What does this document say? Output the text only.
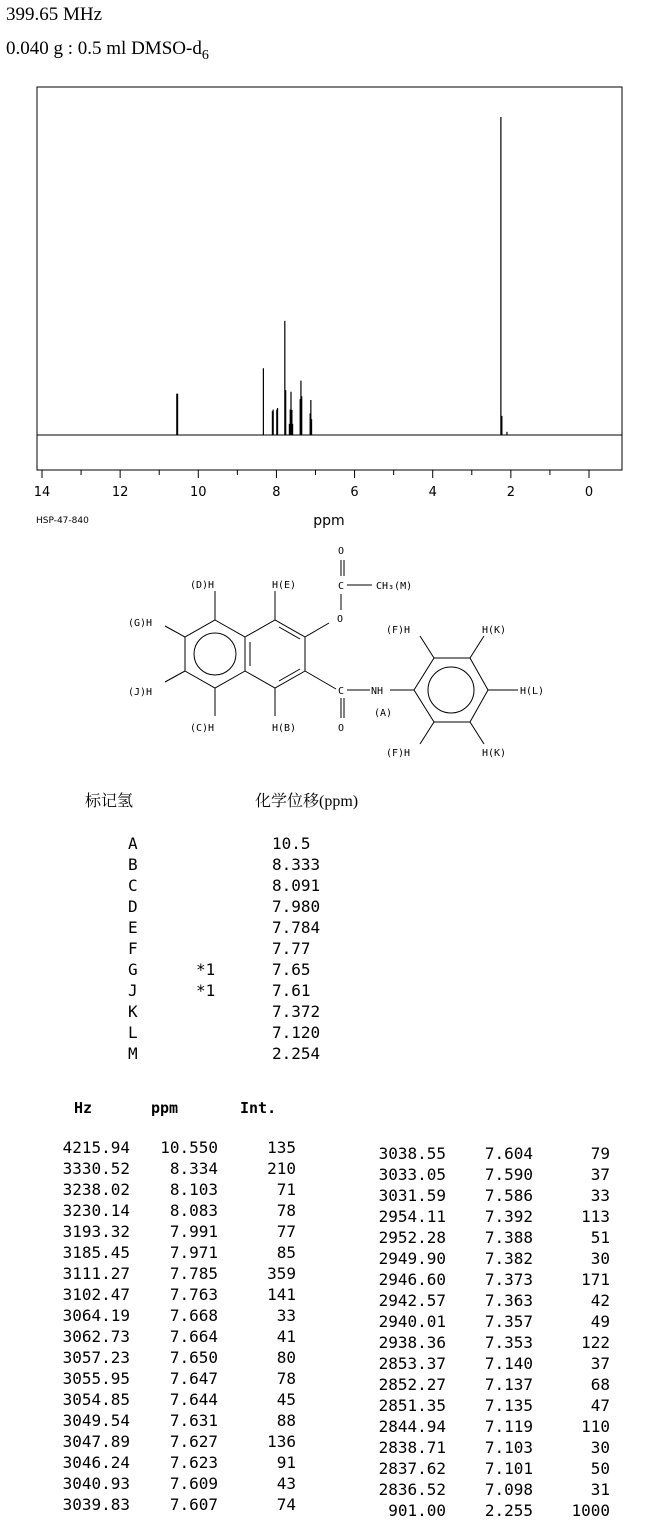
399.65 MHz
0.040 g : 0.5 ml DMSO-$d_6$
14	12	10	8	6	4	2	0
ppm
HSP-47-840
(D)H	H(E)
(G)H
(J)H
(C)H	H(B)
O
C	CH₃(M)
O
C
O
NH
(A)
(F)H	H(K)
H(L)
(F)H	H(K)
标记氢	化学位移(ppm)
A	10.5
B	8.333
C	8.091
D	7.980
E	7.784
F	7.77
G	*1	7.65
J	*1	7.61
K	7.372
L	7.120
M	2.254
Hz	ppm	Int.
4215.94	10.550	135
3330.52	8.334	210
3238.02	8.103	71
3230.14	8.083	78
3193.32	7.991	77
3185.45	7.971	85
3111.27	7.785	359
3102.47	7.763	141
3064.19	7.668	33
3062.73	7.664	41
3057.23	7.650	80
3055.95	7.647	78
3054.85	7.644	45
3049.54	7.631	88
3047.89	7.627	136
3046.24	7.623	91
3040.93	7.609	43
3039.83	7.607	74
3038.55	7.604	79
3033.05	7.590	37
3031.59	7.586	33
2954.11	7.392	113
2952.28	7.388	51
2949.90	7.382	30
2946.60	7.373	171
2942.57	7.363	42
2940.01	7.357	49
2938.36	7.353	122
2853.37	7.140	37
2852.27	7.137	68
2851.35	7.135	47
2844.94	7.119	110
2838.71	7.103	30
2837.62	7.101	50
2836.52	7.098	31
901.00	2.255	1000
